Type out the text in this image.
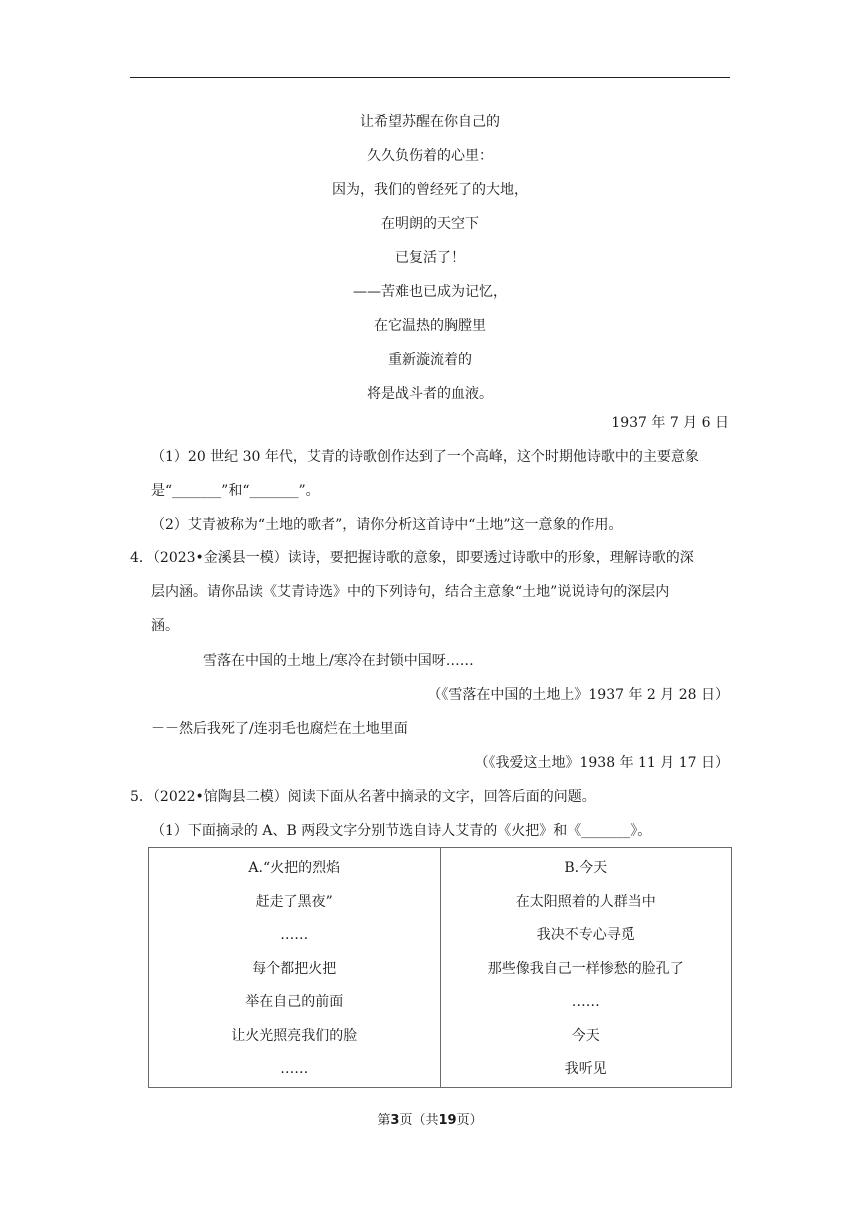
让希望苏醒在你自己的
久久负伤着的心里：
因为，我们的曾经死了的大地，
在明朗的天空下
已复活了！
——苦难也已成为记忆，
在它温热的胸膛里
重新漩流着的
将是战斗者的血液。
1937 年 7 月 6 日
（1）20 世纪 30 年代，艾青的诗歌创作达到了一个高峰，这个时期他诗歌中的主要意象
是“_______”和“_______”。
（2）艾青被称为“土地的歌者”，请你分析这首诗中“土地”这一意象的作用。
4．（2023•金溪县一模）读诗，要把握诗歌的意象，即要透过诗歌中的形象，理解诗歌的深
层内涵。请你品读《艾青诗选》中的下列诗句，结合主意象“土地”说说诗句的深层内
涵。
雪落在中国的土地上/寒冷在封锁中国呀……
（《雪落在中国的土地上》1937 年 2 月 28 日）
－－然后我死了/连羽毛也腐烂在土地里面
（《我爱这土地》1938 年 11 月 17 日）
5．（2022•馆陶县二模）阅读下面从名著中摘录的文字，回答后面的问题。
（1）下面摘录的 A、B 两段文字分别节选自诗人艾青的《火把》和《_______》。
A.“火把的烈焰
赶走了黑夜”
……
每个都把火把
举在自己的前面
让火光照亮我们的脸
……
B.今天
在太阳照着的人群当中
我决不专心寻觅
那些像我自己一样惨愁的脸孔了
……
今天
我听见
第3页（共19页）
